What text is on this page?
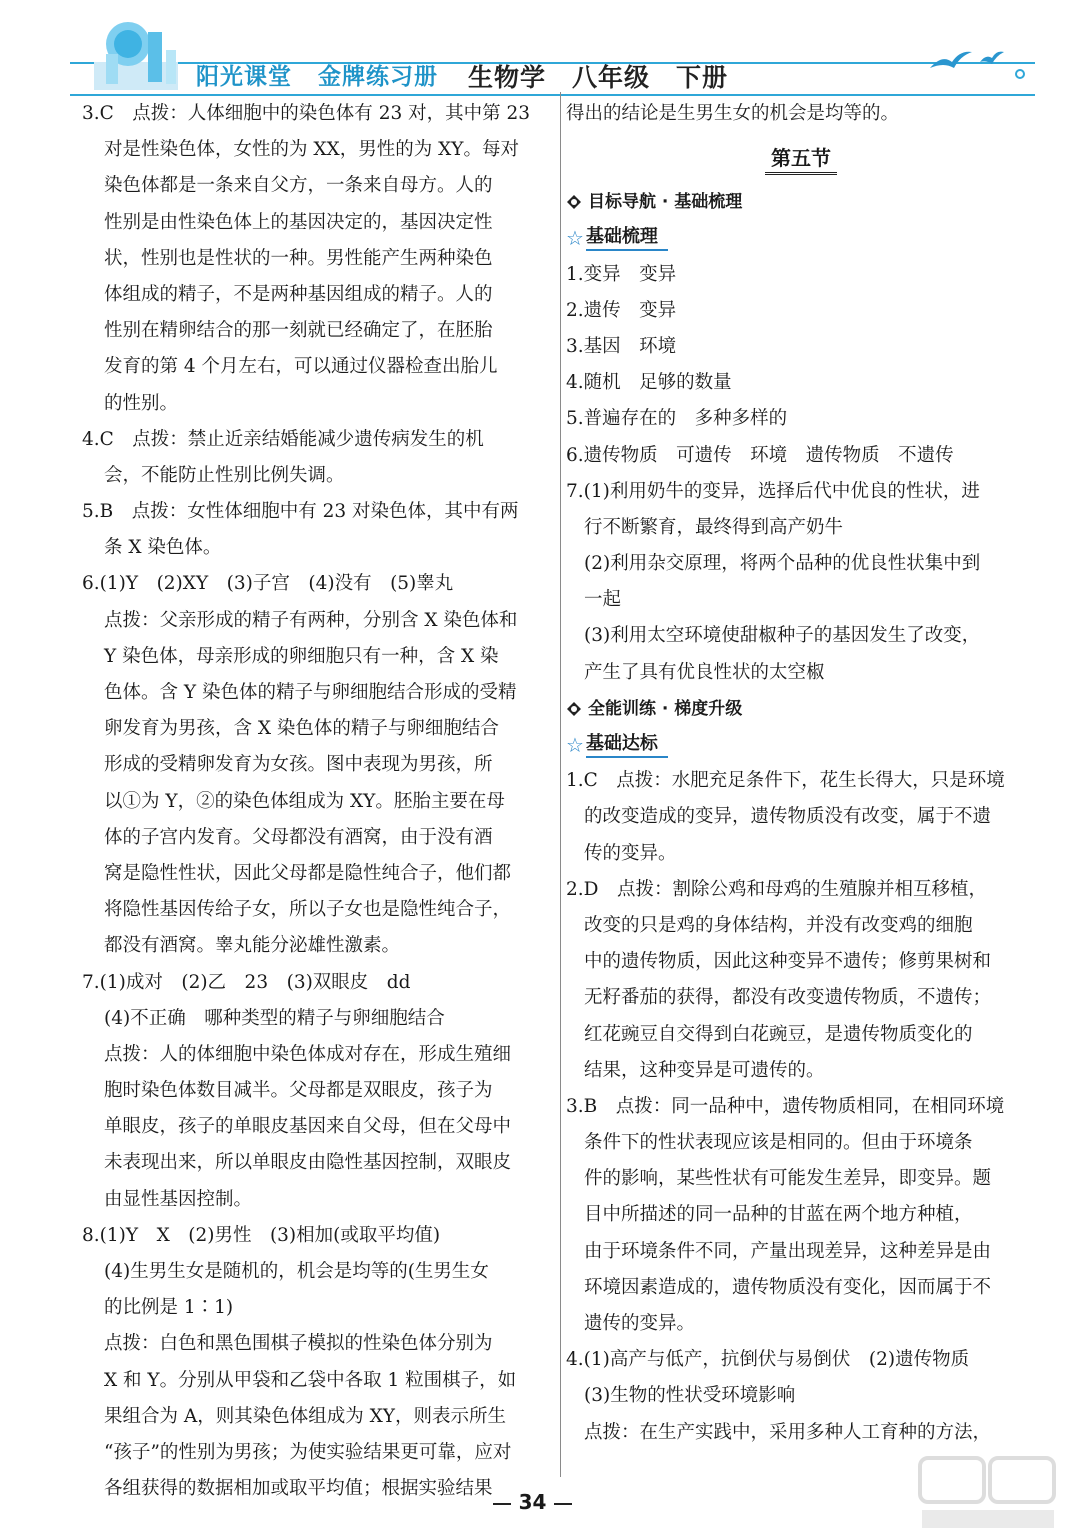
阳光课堂 金牌练习册 生物学 八年级 下册
3.C　点拨：人体细胞中的染色体有 23 对，其中第 23
对是性染色体，女性的为 XX，男性的为 XY。每对
染色体都是一条来自父方，一条来自母方。人的
性别是由性染色体上的基因决定的，基因决定性
状，性别也是性状的一种。男性能产生两种染色
体组成的精子，不是两种基因组成的精子。人的
性别在精卵结合的那一刻就已经确定了，在胚胎
发育的第 4 个月左右，可以通过仪器检查出胎儿
的性别。
4.C　点拨：禁止近亲结婚能减少遗传病发生的机
会，不能防止性别比例失调。
5.B　点拨：女性体细胞中有 23 对染色体，其中有两
条 X 染色体。
6.(1)Y　(2)XY　(3)子宫　(4)没有　(5)睾丸
点拨：父亲形成的精子有两种，分别含 X 染色体和
Y 染色体，母亲形成的卵细胞只有一种，含 X 染
色体。含 Y 染色体的精子与卵细胞结合形成的受精
卵发育为男孩，含 X 染色体的精子与卵细胞结合
形成的受精卵发育为女孩。图中表现为男孩，所
以①为 Y，②的染色体组成为 XY。胚胎主要在母
体的子宫内发育。父母都没有酒窝，由于没有酒
窝是隐性性状，因此父母都是隐性纯合子，他们都
将隐性基因传给子女，所以子女也是隐性纯合子，
都没有酒窝。睾丸能分泌雄性激素。
7.(1)成对　(2)乙　23　(3)双眼皮　dd
(4)不正确　哪种类型的精子与卵细胞结合
点拨：人的体细胞中染色体成对存在，形成生殖细
胞时染色体数目减半。父母都是双眼皮，孩子为
单眼皮，孩子的单眼皮基因来自父母，但在父母中
未表现出来，所以单眼皮由隐性基因控制，双眼皮
由显性基因控制。
8.(1)Y　X　(2)男性　(3)相加(或取平均值)
(4)生男生女是随机的，机会是均等的(生男生女
的比例是 1∶1)
点拨：白色和黑色围棋子模拟的性染色体分别为
X 和 Y。分别从甲袋和乙袋中各取 1 粒围棋子，如
果组合为 A，则其染色体组成为 XY，则表示所生
“孩子”的性别为男孩；为使实验结果更可靠，应对
各组获得的数据相加或取平均值；根据实验结果
得出的结论是生男生女的机会是均等的。
第五节
目标导航 · 基础梳理
☆ 基础梳理
1.变异　变异
2.遗传　变异
3.基因　环境
4.随机　足够的数量
5.普遍存在的　多种多样的
6.遗传物质　可遗传　环境　遗传物质　不遗传
7.(1)利用奶牛的变异，选择后代中优良的性状，进
行不断繁育，最终得到高产奶牛
(2)利用杂交原理，将两个品种的优良性状集中到
一起
(3)利用太空环境使甜椒种子的基因发生了改变，
产生了具有优良性状的太空椒
全能训练 · 梯度升级
☆ 基础达标
1.C　点拨：水肥充足条件下，花生长得大，只是环境
的改变造成的变异，遗传物质没有改变，属于不遗
传的变异。
2.D　点拨：割除公鸡和母鸡的生殖腺并相互移植，
改变的只是鸡的身体结构，并没有改变鸡的细胞
中的遗传物质，因此这种变异不遗传；修剪果树和
无籽番茄的获得，都没有改变遗传物质，不遗传；
红花豌豆自交得到白花豌豆，是遗传物质变化的
结果，这种变异是可遗传的。
3.B　点拨：同一品种中，遗传物质相同，在相同环境
条件下的性状表现应该是相同的。但由于环境条
件的影响，某些性状有可能发生差异，即变异。题
目中所描述的同一品种的甘蓝在两个地方种植，
由于环境条件不同，产量出现差异，这种差异是由
环境因素造成的，遗传物质没有变化，因而属于不
遗传的变异。
4.(1)高产与低产，抗倒伏与易倒伏　(2)遗传物质
(3)生物的性状受环境影响
点拨：在生产实践中，采用多种人工育种的方法，
34
